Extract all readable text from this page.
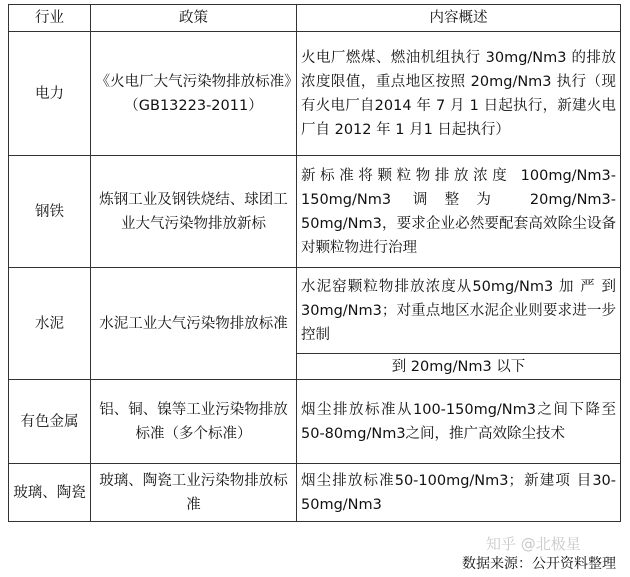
行业	政策	内容概述
电力	《火电厂大气污染物排放标准》（GB13223-2011）	火电厂燃煤、燃油机组执行 30mg/Nm3 的排放浓度限值，重点地区按照 20mg/Nm3 执行（现有火电厂自2014 年 7 月 1 日起执行，新建火电厂自 2012 年 1 月1 日起执行）
钢铁	炼钢工业及钢铁烧结、球团工业大气污染物排放新标	新标准将颗粒物排放浓度 100mg/Nm3-150mg/Nm3 调整为 20mg/Nm3-50mg/Nm3，要求企业必然要配套高效除尘设备对颗粒物进行治理
水泥	水泥工业大气污染物排放标准	水泥窑颗粒物排放浓度从50mg/Nm3 加 严 到30mg/Nm3；对重点地区水泥企业则要求进一步控制
		到 20mg/Nm3 以下
有色金属	铝、铜、镍等工业污染物排放标准（多个标准）	烟尘排放标准从100-150mg/Nm3之间下降至50-80mg/Nm3之间，推广高效除尘技术
玻璃、陶瓷	玻璃、陶瓷工业污染物排放标准	烟尘排放标准50-100mg/Nm3；新建项 目30-50mg/Nm3
知乎 @北极星
数据来源：公开资料整理
